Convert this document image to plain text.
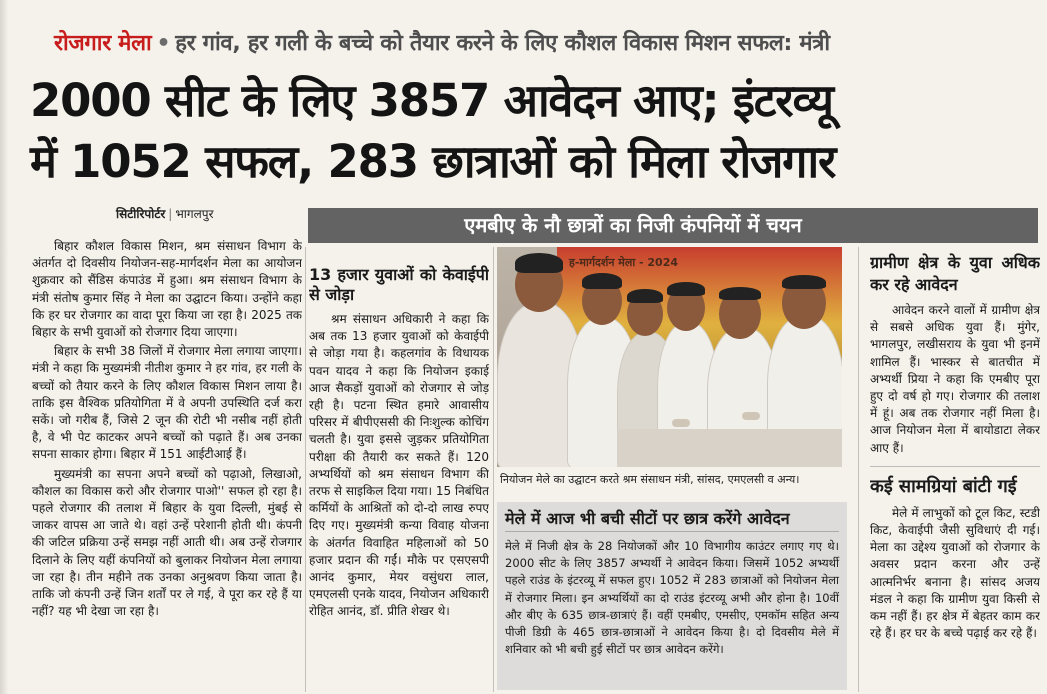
रोजगार मेला • हर गांव, हर गली के बच्चे को तैयार करने के लिए कौशल विकास मिशन सफल: मंत्री
2000 सीट के लिए 3857 आवेदन आए; इंटरव्यू
में 1052 सफल, 283 छात्राओं को मिला रोजगार
सिटीरिपोर्टर | भागलपुर	एमबीए के नौ छात्रों का निजी कंपनियों में चयन

बिहार कौशल विकास मिशन, श्रम संसाधन विभाग के अंतर्गत दो दिवसीय नियोजन-सह-मार्गदर्शन मेला का आयोजन शुक्रवार को सैंडिस कंपाउंड में हुआ। श्रम संसाधन विभाग के मंत्री संतोष कुमार सिंह ने मेला का उद्घाटन किया। उन्होंने कहा कि हर घर रोजगार का वादा पूरा किया जा रहा है। 2025 तक बिहार के सभी युवाओं को रोजगार दिया जाएगा।

बिहार के सभी 38 जिलों में रोजगार मेला लगाया जाएगा। मंत्री ने कहा कि मुख्यमंत्री नीतीश कुमार ने हर गांव, हर गली के बच्चों को तैयार करने के लिए कौशल विकास मिशन लाया है। ताकि इस वैश्विक प्रतियोगिता में वे अपनी उपस्थिति दर्ज करा सकें। जो गरीब हैं, जिसे 2 जून की रोटी भी नसीब नहीं होती है, वे भी पेट काटकर अपने बच्चों को पढ़ाते हैं। अब उनका सपना साकार होगा। बिहार में 151 आईटीआई हैं।

मुख्यमंत्री का सपना अपने बच्चों को पढ़ाओ, लिखाओ, कौशल का विकास करो और रोजगार पाओ'' सफल हो रहा है। पहले रोजगार की तलाश में बिहार के युवा दिल्ली, मुंबई से जाकर वापस आ जाते थे। वहां उन्हें परेशानी होती थी। कंपनी की जटिल प्रक्रिया उन्हें समझ नहीं आती थी। अब उन्हें रोजगार दिलाने के लिए यहीं कंपनियों को बुलाकर नियोजन मेला लगाया जा रहा है। तीन महीने तक उनका अनुश्रवण किया जाता है। ताकि जो कंपनी उन्हें जिन शर्तों पर ले गई, वे पूरा कर रहे हैं या नहीं? यह भी देखा जा रहा है।

13 हजार युवाओं को केवाईपी से जोड़ा

श्रम संसाधन अधिकारी ने कहा कि अब तक 13 हजार युवाओं को केवाईपी से जोड़ा गया है। कहलगांव के विधायक पवन यादव ने कहा कि नियोजन इकाई आज सैकड़ों युवाओं को रोजगार से जोड़ रही है। पटना स्थित हमारे आवासीय परिसर में बीपीएससी की निःशुल्क कोचिंग चलती है। युवा इससे जुड़कर प्रतियोगिता परीक्षा की तैयारी कर सकते हैं। 120 अभ्यर्थियों को श्रम संसाधन विभाग की तरफ से साइकिल दिया गया। 15 निबंधित कर्मियों के आश्रितों को दो-दो लाख रुपए दिए गए। मुख्यमंत्री कन्या विवाह योजना के अंतर्गत विवाहित महिलाओं को 50 हजार प्रदान की गईं। मौके पर एसएसपी आनंद कुमार, मेयर वसुंधरा लाल, एमएलसी एनके यादव, नियोजन अधिकारी रोहित आनंद, डॉ. प्रीति शेखर थे।

ह-मार्गदर्शन मेला - 2024
नियोजन मेले का उद्घाटन करते श्रम संसाधन मंत्री, सांसद, एमएलसी व अन्य।
मेले में आज भी बची सीटों पर छात्र करेंगे आवेदन
मेले में निजी क्षेत्र के 28 नियोजकों और 10 विभागीय काउंटर लगाए गए थे। 2000 सीट के लिए 3857 अभ्यर्थी ने आवेदन किया। जिसमें 1052 अभ्यर्थी पहले राउंड के इंटरव्यू में सफल हुए। 1052 में 283 छात्राओं को नियोजन मेला में रोजगार मिला। इन अभ्यर्थियों का दो राउंड इंटरव्यू अभी और होना है। 10वीं और बीए के 635 छात्र-छात्राएं हैं। वहीं एमबीए, एमसीए, एमकॉम सहित अन्य पीजी डिग्री के 465 छात्र-छात्राओं ने आवेदन किया है। दो दिवसीय मेले में शनिवार को भी बची हुई सीटों पर छात्र आवेदन करेंगे।
ग्रामीण क्षेत्र के युवा अधिक कर रहे आवेदन

आवेदन करने वालों में ग्रामीण क्षेत्र से सबसे अधिक युवा हैं। मुंगेर, भागलपुर, लखीसराय के युवा भी इनमें शामिल हैं। भास्कर से बातचीत में अभ्यर्थी प्रिया ने कहा कि एमबीए पूरा हुए दो वर्ष हो गए। रोजगार की तलाश में हूं। अब तक रोजगार नहीं मिला है। आज नियोजन मेला में बायोडाटा लेकर आए हैं।

कई सामग्रियां बांटी गई

मेले में लाभुकों को टूल किट, स्टडी किट, केवाईपी जैसी सुविधाएं दी गई। मेला का उद्देश्य युवाओं को रोजगार के अवसर प्रदान करना और उन्हें आत्मनिर्भर बनाना है। सांसद अजय मंडल ने कहा कि ग्रामीण युवा किसी से कम नहीं हैं। हर क्षेत्र में बेहतर काम कर रहे हैं। हर घर के बच्चे पढ़ाई कर रहे हैं।
